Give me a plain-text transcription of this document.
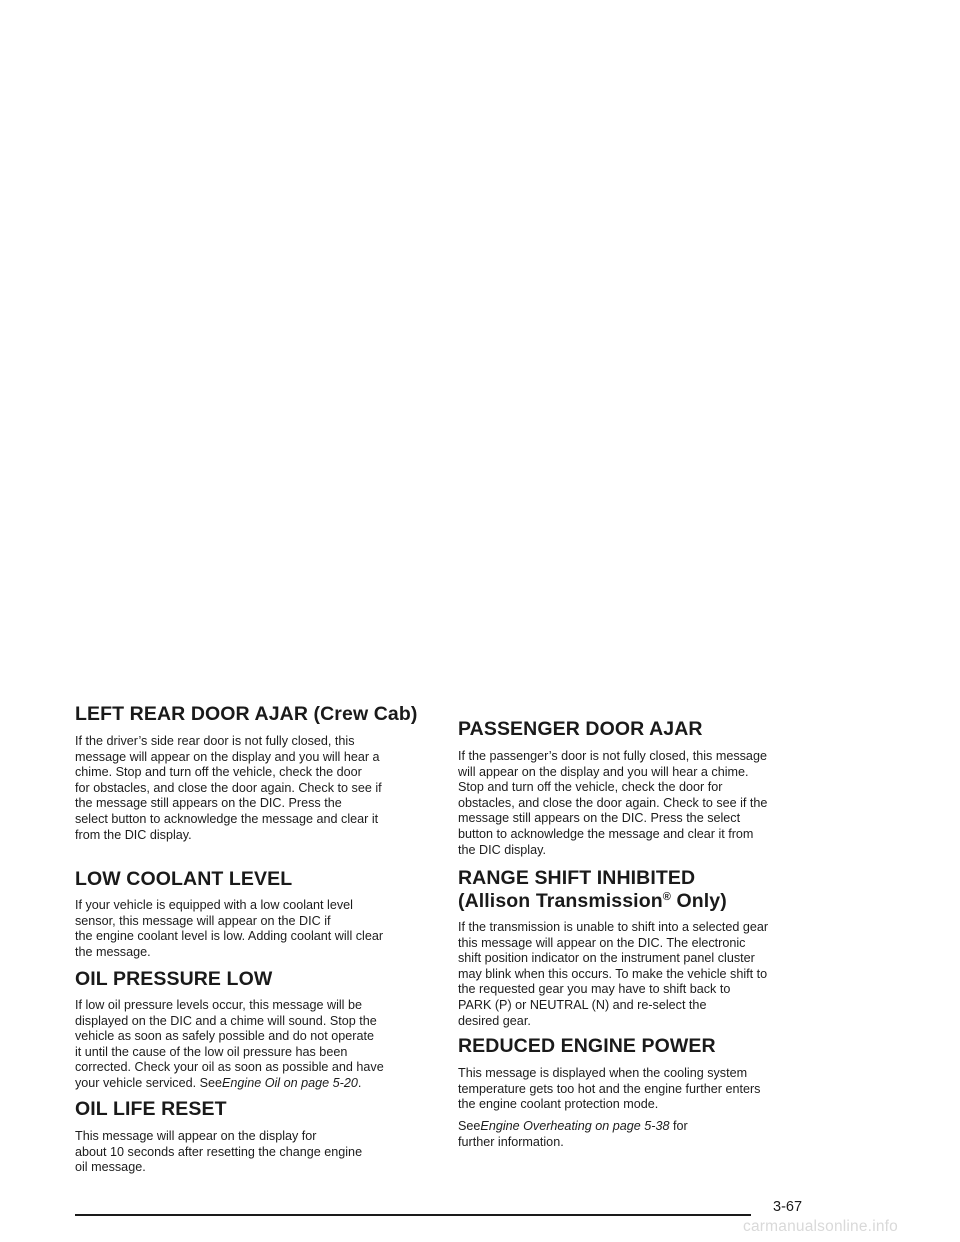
LEFT REAR DOOR AJAR (Crew Cab)

If the driver’s side rear door is not fully closed, this
message will appear on the display and you will hear a
chime. Stop and turn off the vehicle, check the door
for obstacles, and close the door again. Check to see if
the message still appears on the DIC. Press the
select button to acknowledge the message and clear it
from the DIC display.

LOW COOLANT LEVEL

If your vehicle is equipped with a low coolant level
sensor, this message will appear on the DIC if
the engine coolant level is low. Adding coolant will clear
the message.

OIL PRESSURE LOW

If low oil pressure levels occur, this message will be
displayed on the DIC and a chime will sound. Stop the
vehicle as soon as safely possible and do not operate
it until the cause of the low oil pressure has been
corrected. Check your oil as soon as possible and have
your vehicle serviced. SeeEngine Oil on page 5-20.

OIL LIFE RESET

This message will appear on the display for
about 10 seconds after resetting the change engine
oil message.

PASSENGER DOOR AJAR

If the passenger’s door is not fully closed, this message
will appear on the display and you will hear a chime.
Stop and turn off the vehicle, check the door for
obstacles, and close the door again. Check to see if the
message still appears on the DIC. Press the select
button to acknowledge the message and clear it from
the DIC display.

RANGE SHIFT INHIBITED
(Allison Transmission® Only)

If the transmission is unable to shift into a selected gear
this message will appear on the DIC. The electronic
shift position indicator on the instrument panel cluster
may blink when this occurs. To make the vehicle shift to
the requested gear you may have to shift back to
PARK (P) or NEUTRAL (N) and re-select the
desired gear.

REDUCED ENGINE POWER

This message is displayed when the cooling system
temperature gets too hot and the engine further enters
the engine coolant protection mode.

SeeEngine Overheating on page 5-38 for
further information.

3-67
carmanualsonline.info
